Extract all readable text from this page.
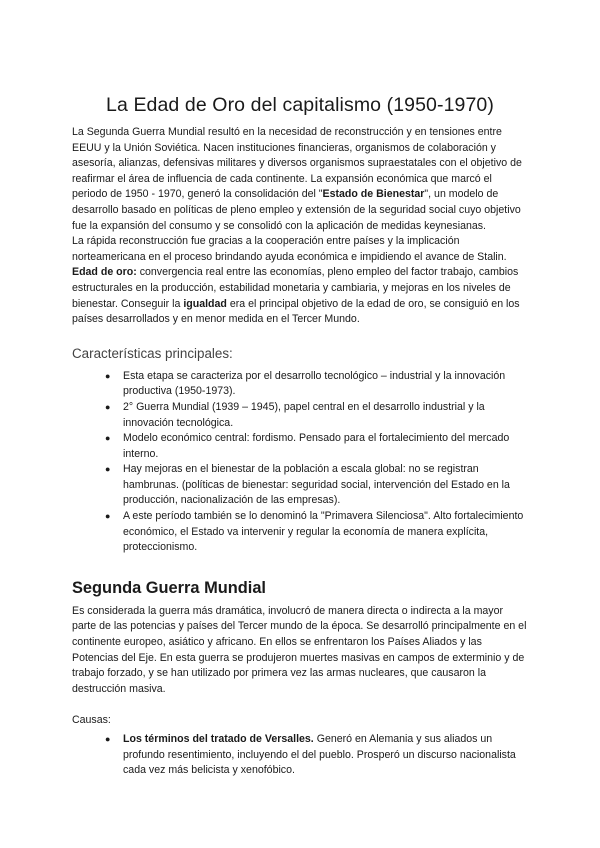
La Edad de Oro del capitalismo (1950-1970)

La Segunda Guerra Mundial resultó en la necesidad de reconstrucción y en tensiones entre EEUU y la Unión Soviética. Nacen instituciones financieras, organismos de colaboración y asesoría, alianzas, defensivas militares y diversos organismos supraestatales con el objetivo de reafirmar el área de influencia de cada continente. La expansión económica que marcó el periodo de 1950 - 1970, generó la consolidación del "Estado de Bienestar", un modelo de desarrollo basado en políticas de pleno empleo y extensión de la seguridad social cuyo objetivo fue la expansión del consumo y se consolidó con la aplicación de medidas keynesianas.

La rápida reconstrucción fue gracias a la cooperación entre países y la implicación norteamericana en el proceso brindando ayuda económica e impidiendo el avance de Stalin.

Edad de oro: convergencia real entre las economías, pleno empleo del factor trabajo, cambios estructurales en la producción, estabilidad monetaria y cambiaria, y mejoras en los niveles de bienestar. Conseguir la igualdad era el principal objetivo de la edad de oro, se consiguió en los países desarrollados y en menor medida en el Tercer Mundo.

Características principales:
● Esta etapa se caracteriza por el desarrollo tecnológico – industrial y la innovación productiva (1950-1973).
● 2° Guerra Mundial (1939 – 1945), papel central en el desarrollo industrial y la innovación tecnológica.
● Modelo económico central: fordismo. Pensado para el fortalecimiento del mercado interno.
● Hay mejoras en el bienestar de la población a escala global: no se registran hambrunas. (políticas de bienestar: seguridad social, intervención del Estado en la producción, nacionalización de las empresas).
● A este período también se lo denominó la "Primavera Silenciosa". Alto fortalecimiento económico, el Estado va intervenir y regular la economía de manera explícita, proteccionismo.
Segunda Guerra Mundial

Es considerada la guerra más dramática, involucró de manera directa o indirecta a la mayor parte de las potencias y países del Tercer mundo de la época. Se desarrolló principalmente en el continente europeo, asiático y africano. En ellos se enfrentaron los Países Aliados y las Potencias del Eje. En esta guerra se produjeron muertes masivas en campos de exterminio y de trabajo forzado, y se han utilizado por primera vez las armas nucleares, que causaron la destrucción masiva.

Causas:

● Los términos del tratado de Versalles. Generó en Alemania y sus aliados un profundo resentimiento, incluyendo el del pueblo. Prosperó un discurso nacionalista cada vez más belicista y xenofóbico.
